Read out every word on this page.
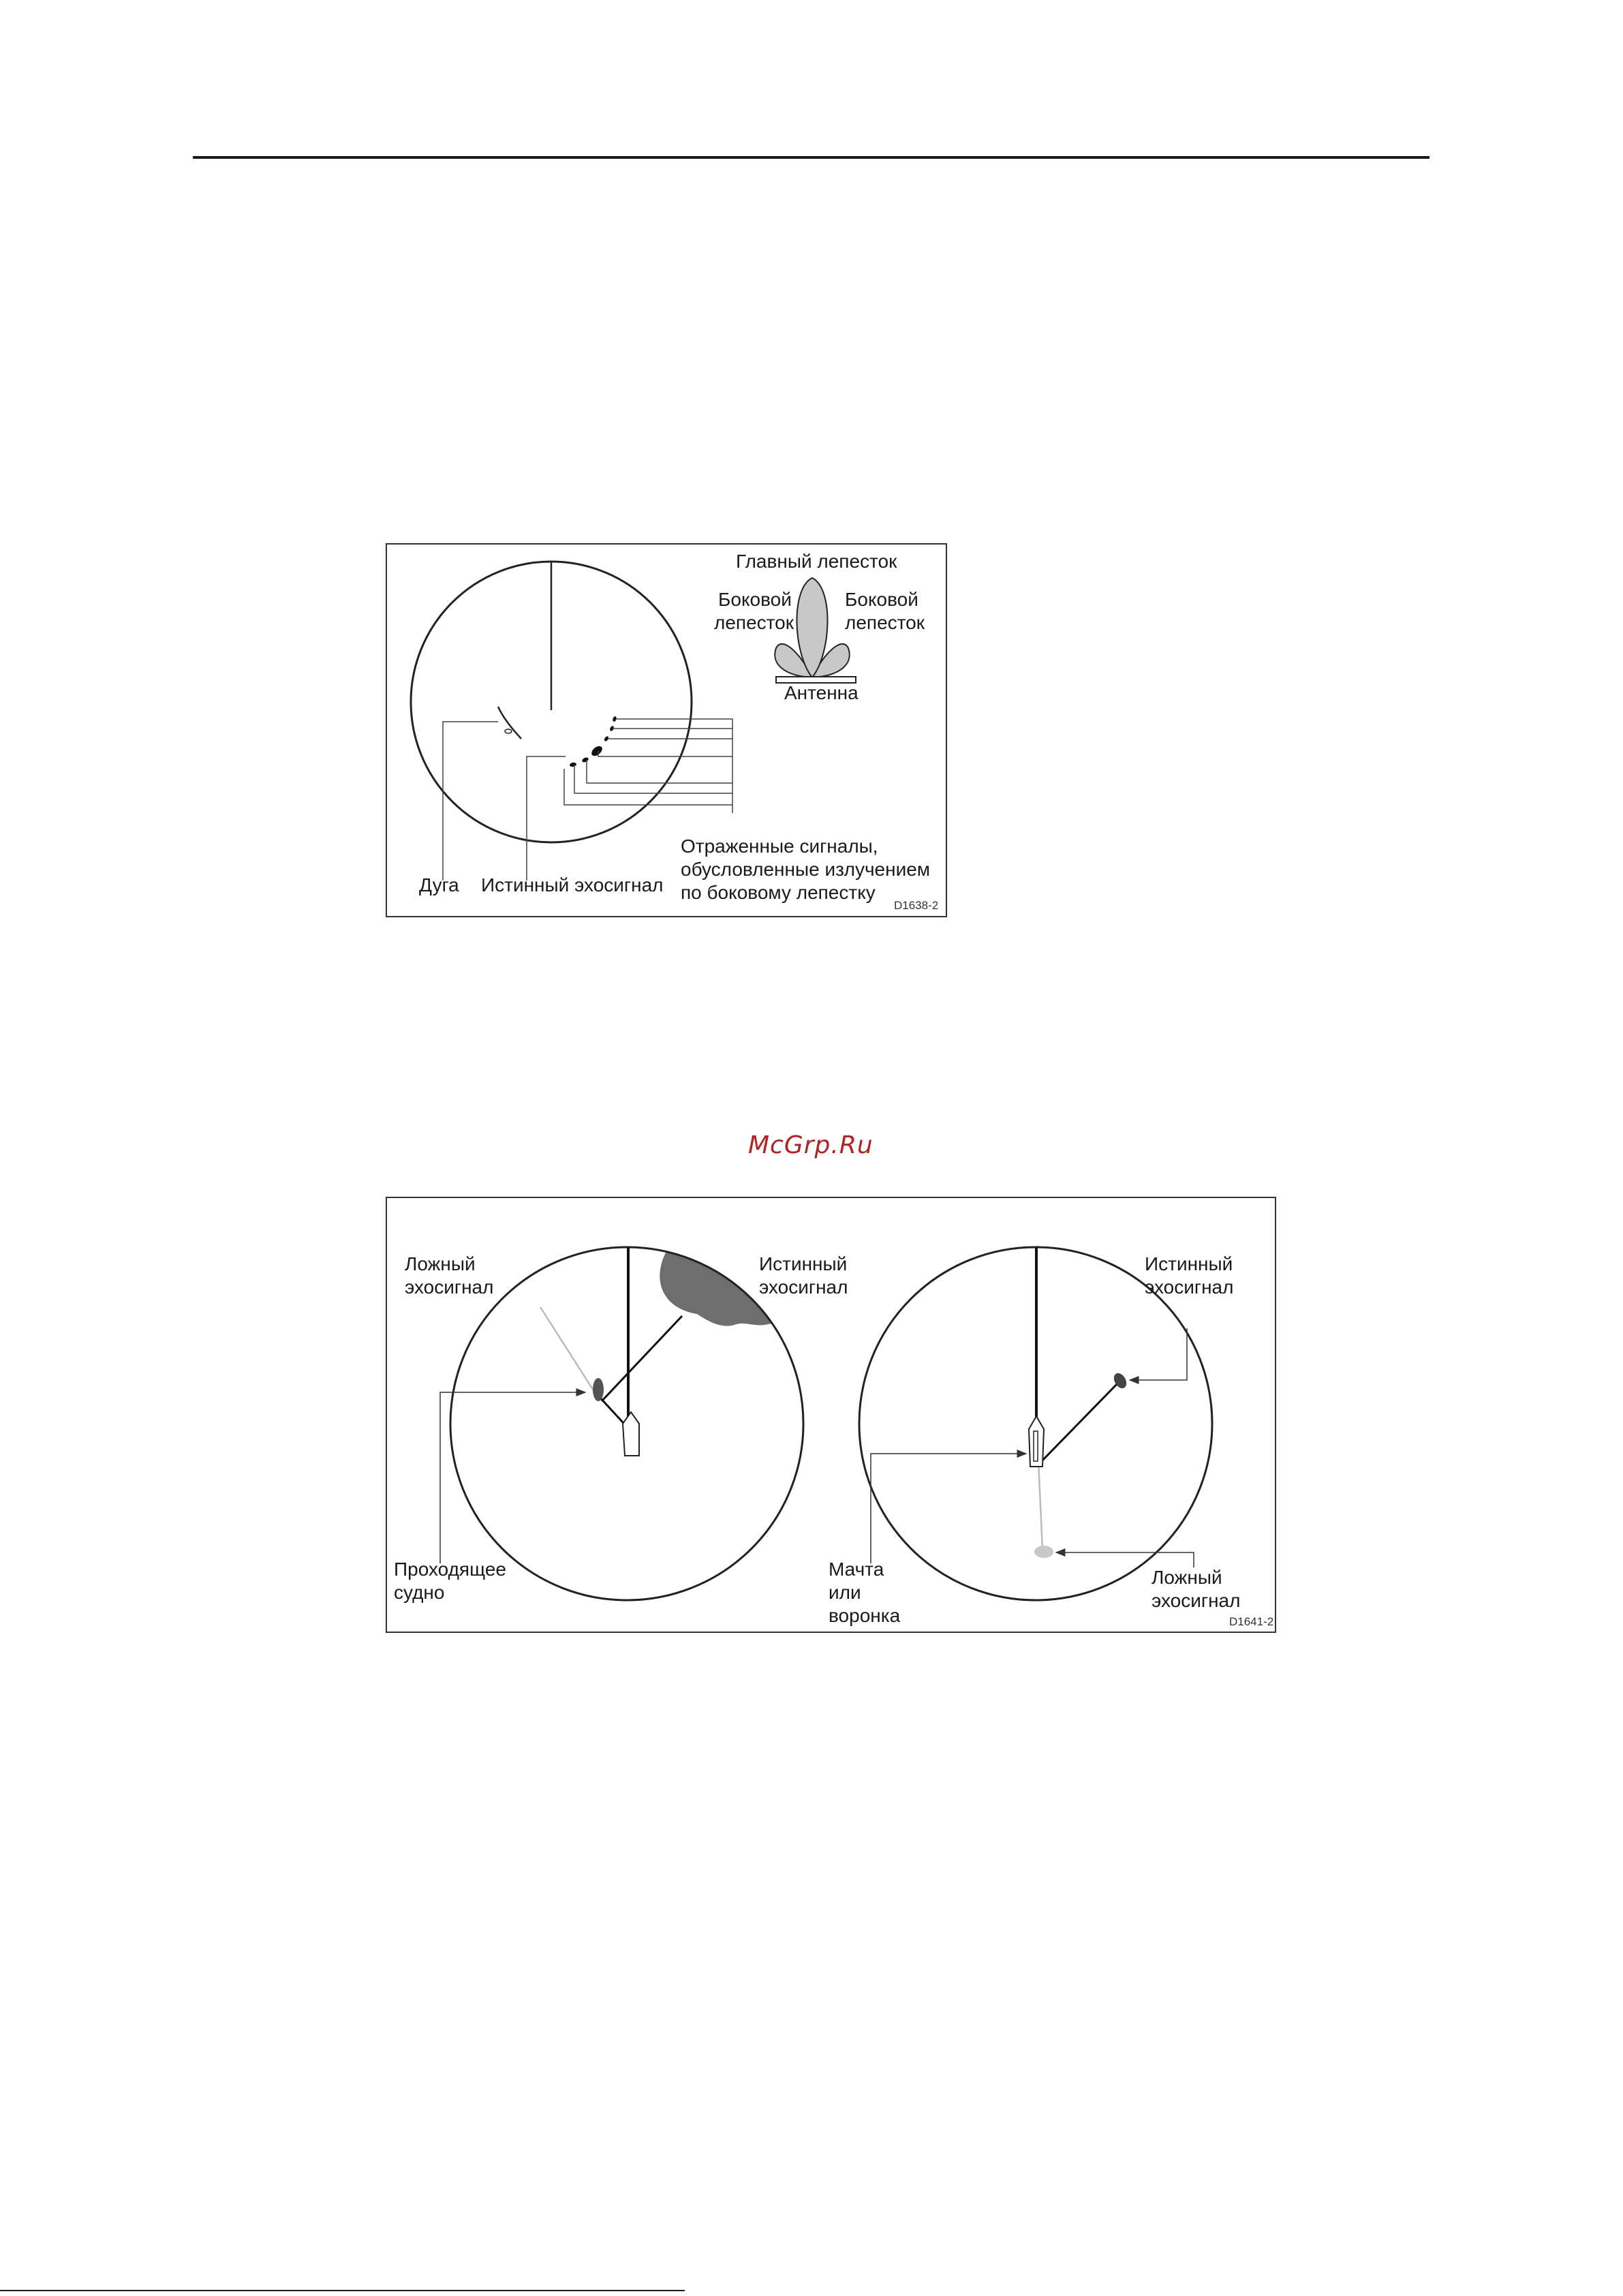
Главный лепесток
Боковой
лепесток
Боковой
лепесток
Антенна
Дуга Истинный эхосигнал
Отраженные сигналы,
обусловленные излучением
по боковому лепестку
D1638-2
McGrp.Ru
Ложный
эхосигнал
Истинный
эхосигнал
Проходящее
судно
Истинный
эхосигнал
Мачта
или
воронка
Ложный
эхосигнал
D1641-2
